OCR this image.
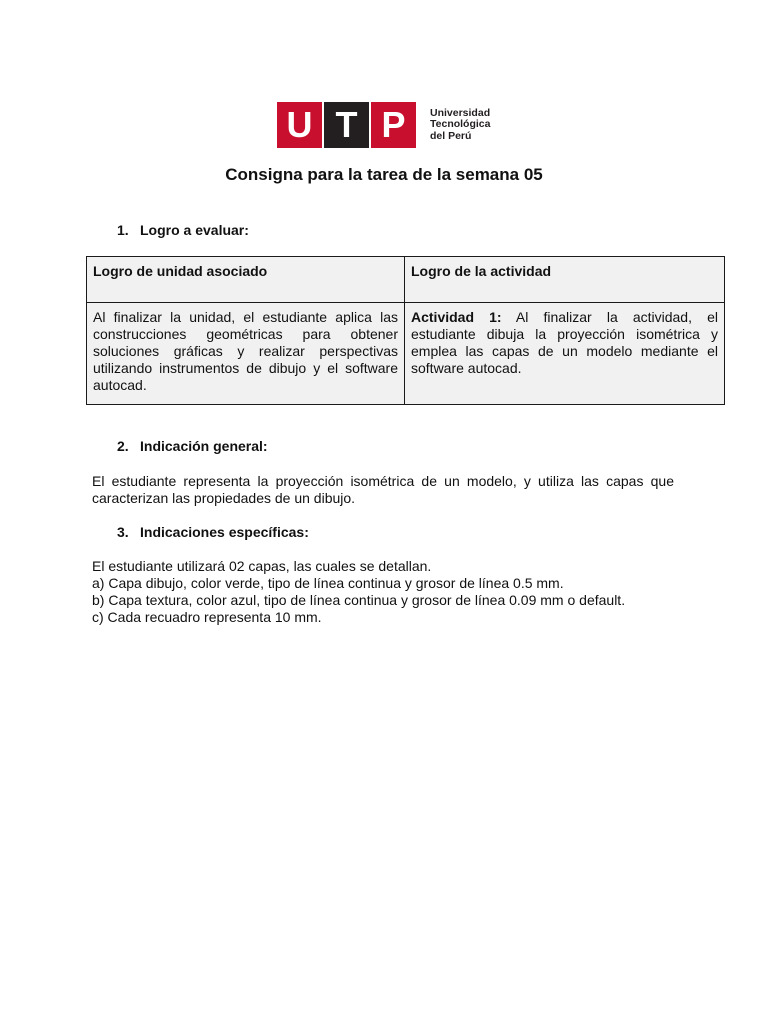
U T P	Universidad
Tecnológica
del Perú
Consigna para la tarea de la semana 05
1. Logro a evaluar:
Logro de unidad asociado	Logro de la actividad
Al finalizar la unidad, el estudiante aplica las construcciones geométricas para obtener soluciones gráficas y realizar perspectivas utilizando instrumentos de dibujo y el software autocad.	Actividad 1: Al finalizar la actividad, el estudiante dibuja la proyección isométrica y emplea las capas de un modelo mediante el software autocad.
2. Indicación general:

El estudiante representa la proyección isométrica de un modelo, y utiliza las capas que caracterizan las propiedades de un dibujo.

3. Indicaciones específicas:

El estudiante utilizará 02 capas, las cuales se detallan.

a) Capa dibujo, color verde, tipo de línea continua y grosor de línea 0.5 mm.

b) Capa textura, color azul, tipo de línea continua y grosor de línea 0.09 mm o default.

c) Cada recuadro representa 10 mm.
